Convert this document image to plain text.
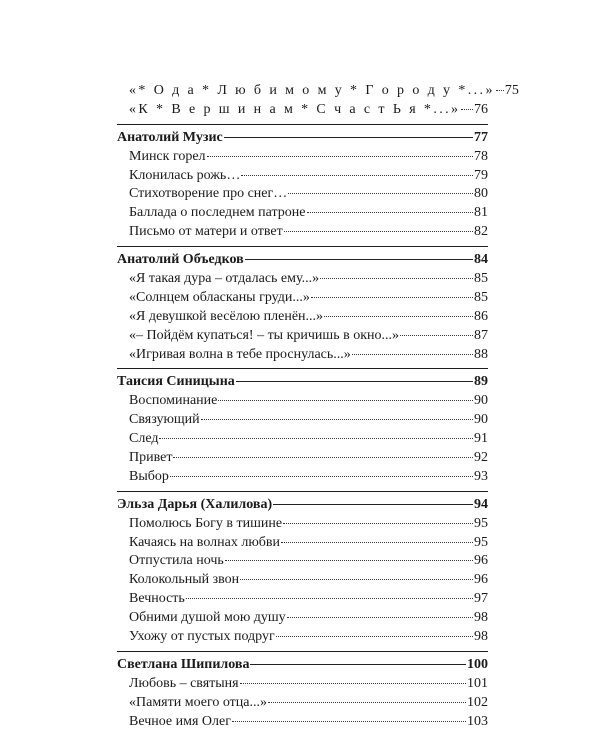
«* О д а * Л ю б и м о м у * Г о р о д у *...» 75
«К * В е р ш и н а м * С ч а с т Ь я *...» 76
Анатолий Музис	77
Минск горел	78
Клонилась рожь…	79
Стихотворение про снег…	80
Баллада о последнем патроне	81
Письмо от матери и ответ	82
Анатолий Объедков	84
«Я такая дура – отдалась ему...»	85
«Солнцем обласканы груди...»	85
«Я девушкой весёлою пленён...»	86
«– Пойдём купаться! – ты кричишь в окно...»	87
«Игривая волна в тебе проснулась...»	88
Таисия Синицына	89
Воспоминание	90
Связующий	90
След	91
Привет	92
Выбор	93
Эльза Дарья (Халилова)	94
Помолюсь Богу в тишине	95
Качаясь на волнах любви	95
Отпустила ночь	96
Колокольный звон	96
Вечность	97
Обними душой мою душу	98
Ухожу от пустых подруг	98
Светлана Шипилова	100
Любовь – святыня	101
«Памяти моего отца...»	102
Вечное имя Олег	103
